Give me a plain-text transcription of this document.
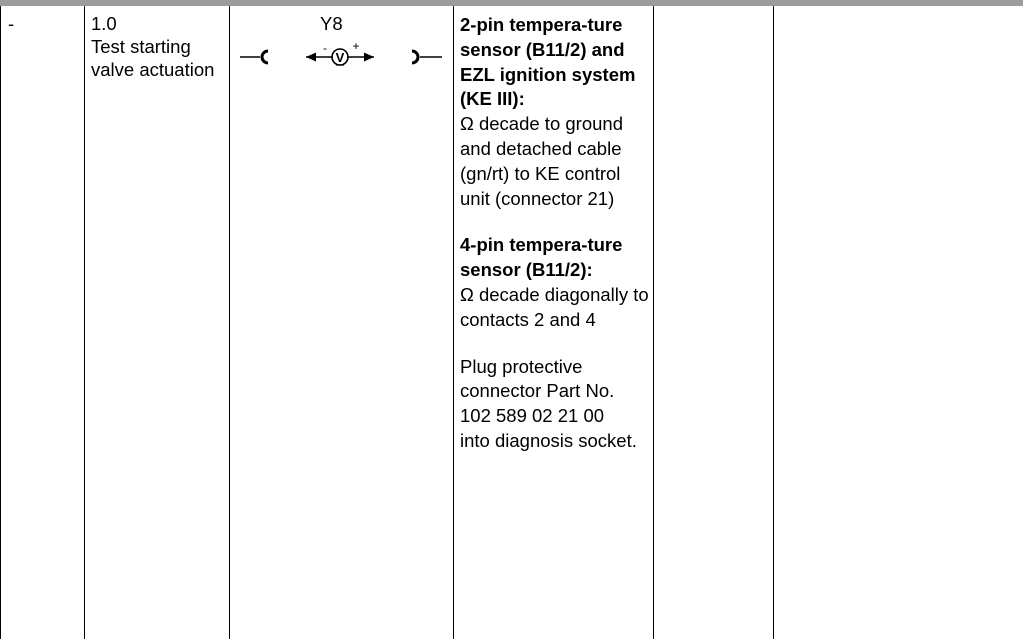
-	1.0
Test starting valve actuation
Y8
V
- +
2-pin tempera-ture sensor (B11/2) and EZL ignition system (KE III):
Ω decade to ground and detached cable (gn/rt) to KE control unit (connector 21)
4-pin tempera-ture sensor (B11/2):
Ω decade diagonally to contacts 2 and 4
Plug protective connector Part No.
102 589 02 21 00
into diagnosis socket.
